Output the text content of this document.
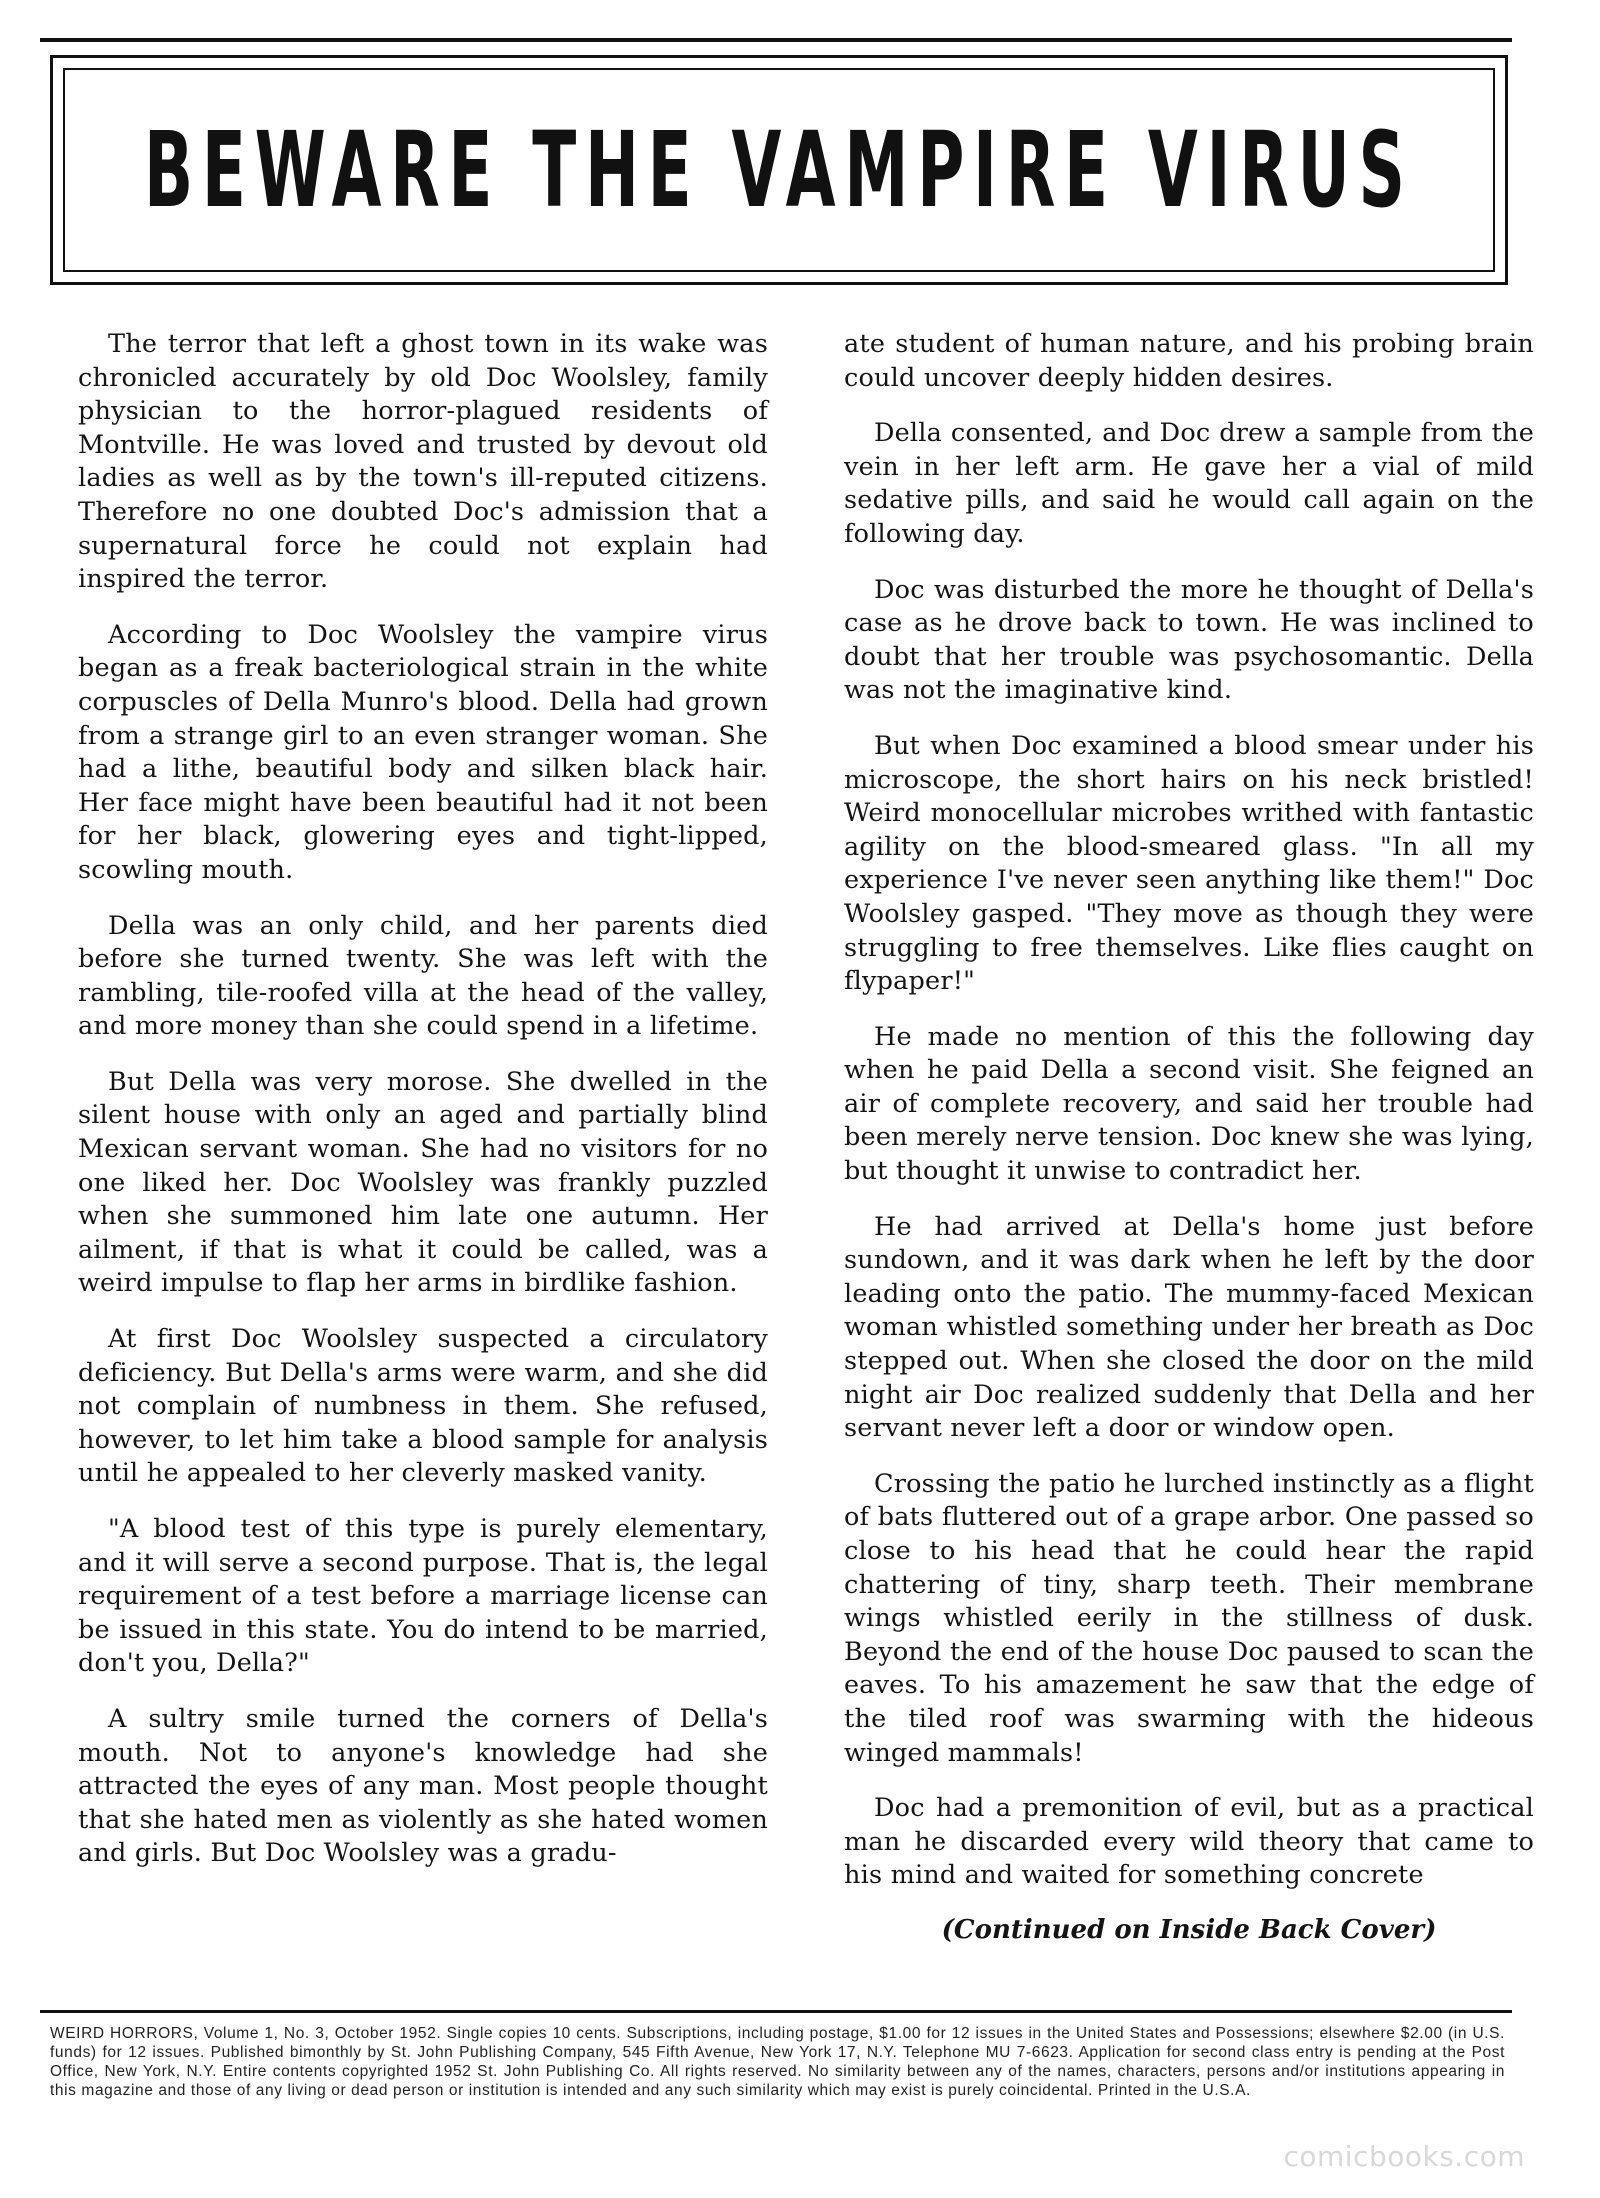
BEWARE THE VAMPIRE VIRUS

The terror that left a ghost town in its wake was chronicled accurately by old Doc Woolsley, family physician to the horror-plagued residents of Montville. He was loved and trusted by devout old ladies as well as by the town's ill-reputed citizens. Therefore no one doubted Doc's admission that a supernatural force he could not explain had inspired the terror.

According to Doc Woolsley the vampire virus began as a freak bacteriological strain in the white corpuscles of Della Munro's blood. Della had grown from a strange girl to an even stranger woman. She had a lithe, beautiful body and silken black hair. Her face might have been beautiful had it not been for her black, glowering eyes and tight-lipped, scowling mouth.

Della was an only child, and her parents died before she turned twenty. She was left with the rambling, tile-roofed villa at the head of the valley, and more money than she could spend in a lifetime.

But Della was very morose. She dwelled in the silent house with only an aged and partially blind Mexican servant woman. She had no visitors for no one liked her. Doc Woolsley was frankly puzzled when she summoned him late one autumn. Her ailment, if that is what it could be called, was a weird impulse to flap her arms in birdlike fashion.

At first Doc Woolsley suspected a circulatory deficiency. But Della's arms were warm, and she did not complain of numbness in them. She refused, however, to let him take a blood sample for analysis until he appealed to her cleverly masked vanity.

"A blood test of this type is purely elementary, and it will serve a second purpose. That is, the legal requirement of a test before a marriage license can be issued in this state. You do intend to be married, don't you, Della?"

A sultry smile turned the corners of Della's mouth. Not to anyone's knowledge had she attracted the eyes of any man. Most people thought that she hated men as violently as she hated women and girls. But Doc Woolsley was a gradu-

ate student of human nature, and his probing brain could uncover deeply hidden desires.

Della consented, and Doc drew a sample from the vein in her left arm. He gave her a vial of mild sedative pills, and said he would call again on the following day.

Doc was disturbed the more he thought of Della's case as he drove back to town. He was inclined to doubt that her trouble was psychosomantic. Della was not the imaginative kind.

But when Doc examined a blood smear under his microscope, the short hairs on his neck bristled! Weird monocellular microbes writhed with fantastic agility on the blood-smeared glass. "In all my experience I've never seen anything like them!" Doc Woolsley gasped. "They move as though they were struggling to free themselves. Like flies caught on flypaper!"

He made no mention of this the following day when he paid Della a second visit. She feigned an air of complete recovery, and said her trouble had been merely nerve tension. Doc knew she was lying, but thought it unwise to contradict her.

He had arrived at Della's home just before sundown, and it was dark when he left by the door leading onto the patio. The mummy-faced Mexican woman whistled something under her breath as Doc stepped out. When she closed the door on the mild night air Doc realized suddenly that Della and her servant never left a door or window open.

Crossing the patio he lurched instinctly as a flight of bats fluttered out of a grape arbor. One passed so close to his head that he could hear the rapid chattering of tiny, sharp teeth. Their membrane wings whistled eerily in the stillness of dusk. Beyond the end of the house Doc paused to scan the eaves. To his amazement he saw that the edge of the tiled roof was swarming with the hideous winged mammals!

Doc had a premonition of evil, but as a practical man he discarded every wild theory that came to his mind and waited for something concrete

(Continued on Inside Back Cover)

WEIRD HORRORS, Volume 1, No. 3, October 1952. Single copies 10 cents. Subscriptions, including postage, $1.00 for 12 issues in the United States and Possessions; elsewhere $2.00 (in U.S. funds) for 12 issues. Published bimonthly by St. John Publishing Company, 545 Fifth Avenue, New York 17, N.Y. Telephone MU 7-6623. Application for second class entry is pending at the Post Office, New York, N.Y. Entire contents copyrighted 1952 St. John Publishing Co. All rights reserved. No similarity between any of the names, characters, persons and/or institutions appearing in this magazine and those of any living or dead person or institution is intended and any such similarity which may exist is purely coincidental. Printed in the U.S.A.

comicbooks.com
